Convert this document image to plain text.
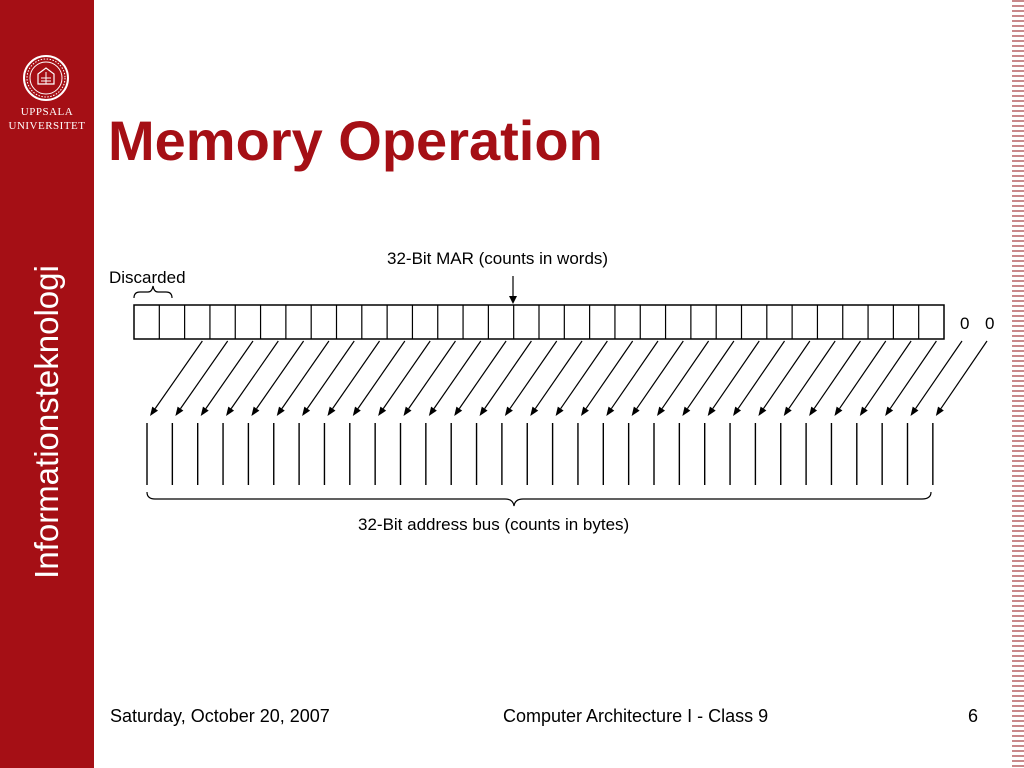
UPPSALA
UNIVERSITET
Informationsteknologi
Memory Operation
32-Bit MAR (counts in words)
Discarded
0 0
32-Bit address bus (counts in bytes)
Saturday, October 20, 2007	Computer Architecture I - Class 9	6
